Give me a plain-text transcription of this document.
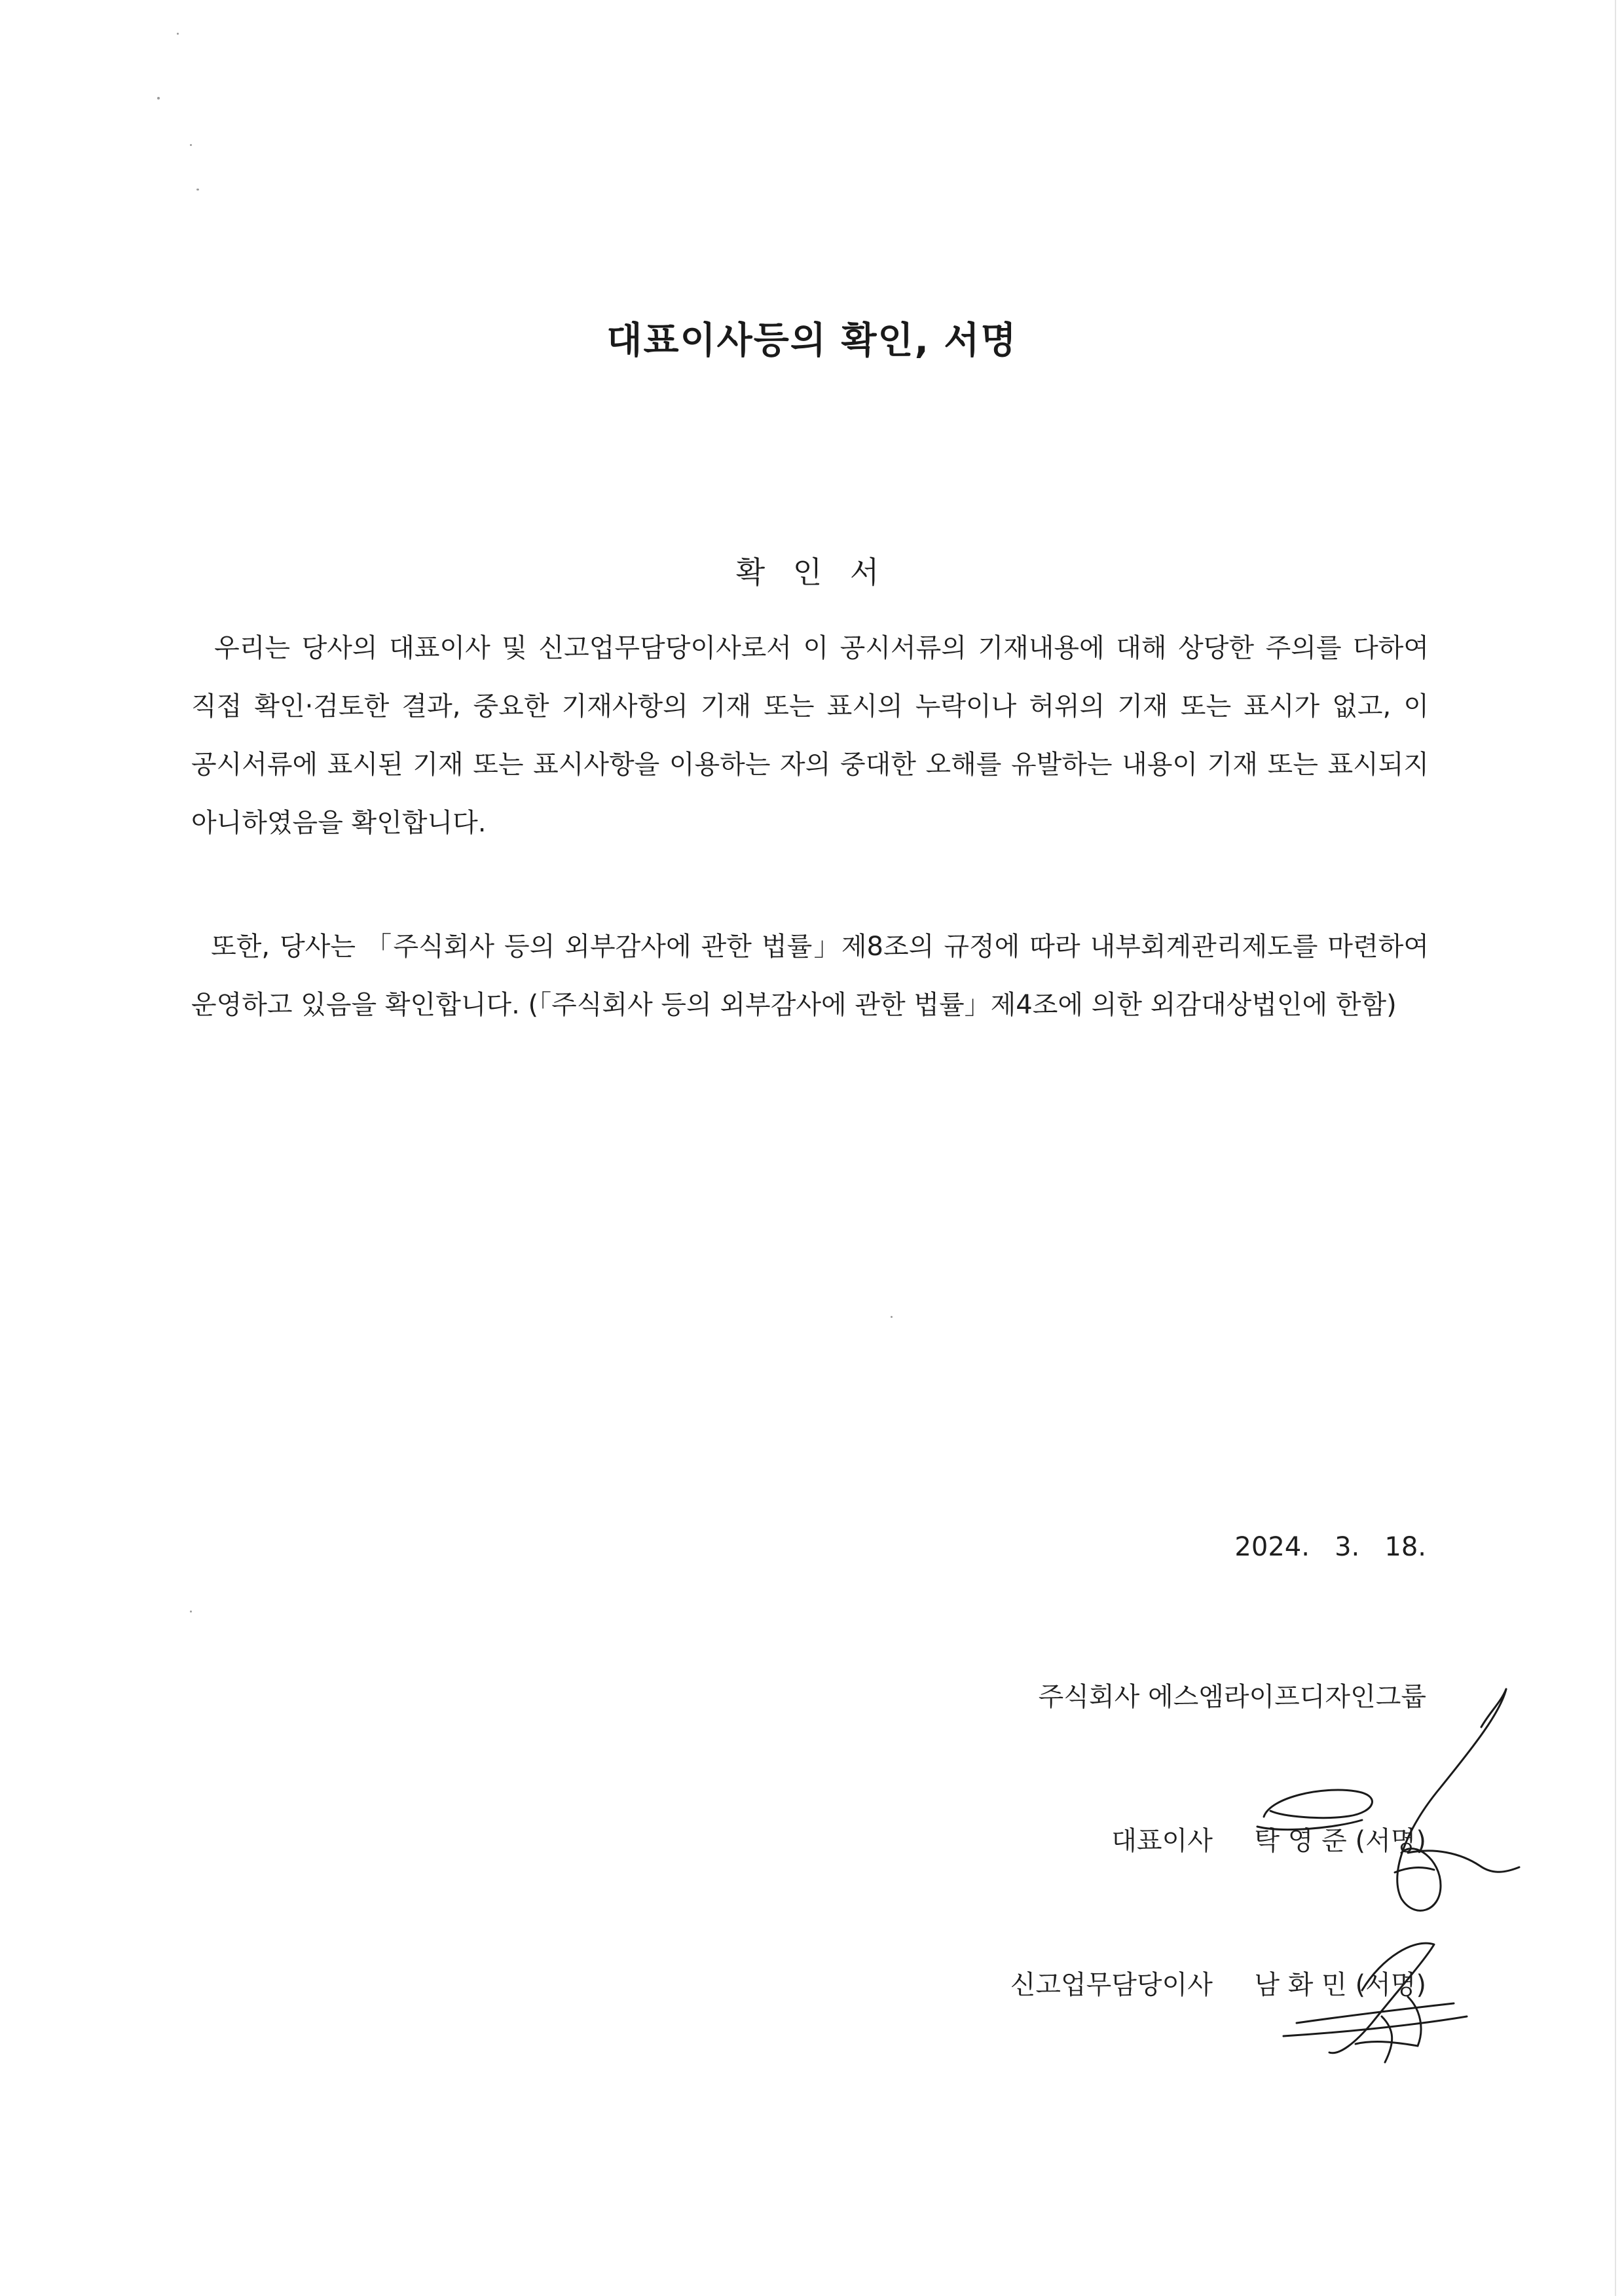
대표이사등의 확인, 서명
확 인 서
우리는 당사의 대표이사 및 신고업무담당이사로서 이 공시서류의 기재내용에 대해 상당한 주의를 다하여 직접 확인·검토한 결과, 중요한 기재사항의 기재 또는 표시의 누락이나 허위의 기재 또는 표시가 없고, 이 공시서류에 표시된 기재 또는 표시사항을 이용하는 자의 중대한 오해를 유발하는 내용이 기재 또는 표시되지 아니하였음을 확인합니다.
또한, 당사는 「주식회사 등의 외부감사에 관한 법률」제8조의 규정에 따라 내부회계관리제도를 마련하여 운영하고 있음을 확인합니다. (「주식회사 등의 외부감사에 관한 법률」제4조에 의한 외감대상법인에 한함)
2024.   3.   18.
주식회사 에스엠라이프디자인그룹
대표이사 탁 영 준 (서명)
신고업무담당이사 남 화 민 (서명)
